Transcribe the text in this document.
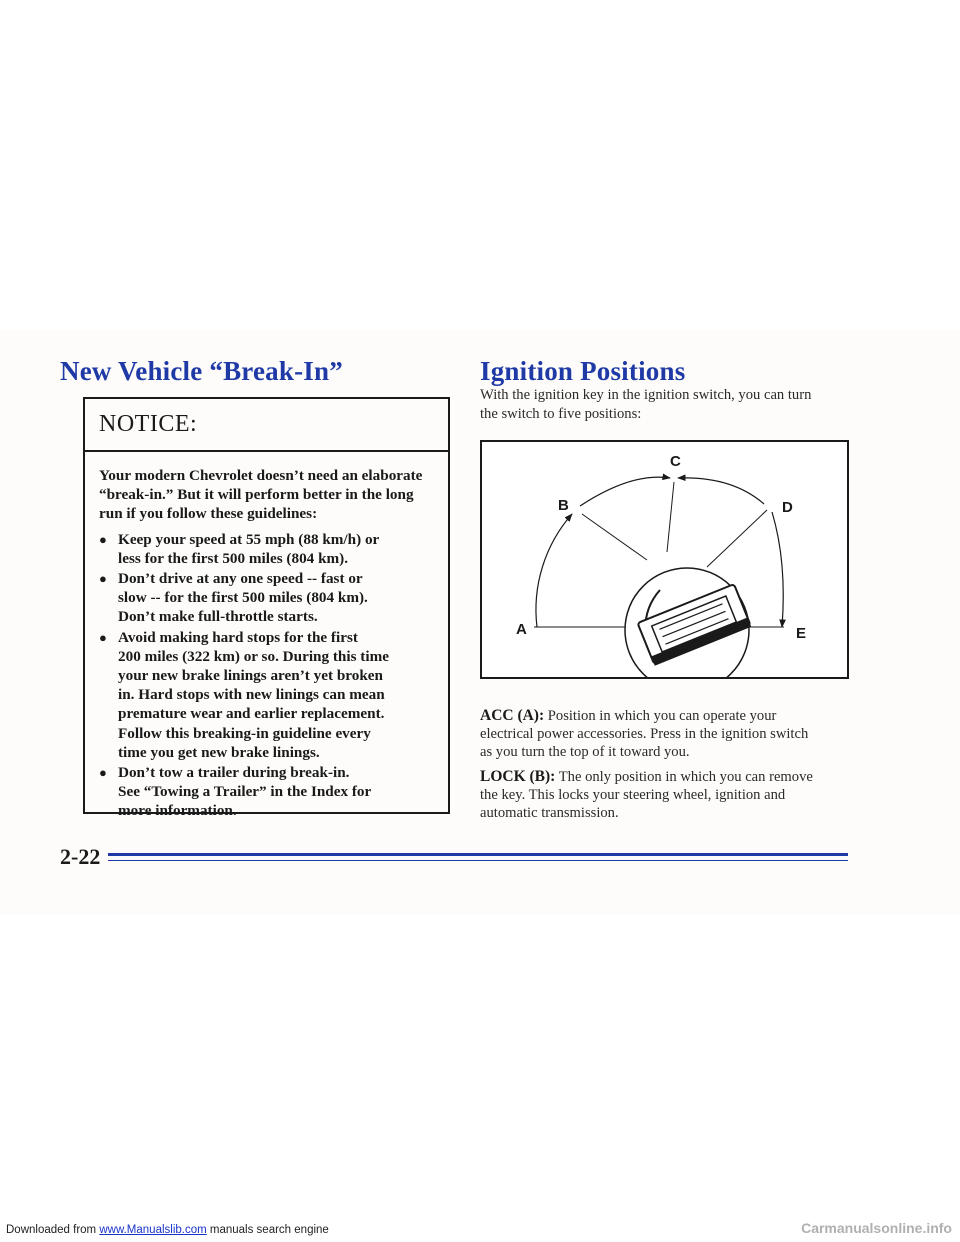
New Vehicle “Break-In”	Ignition Positions
NOTICE:

Your modern Chevrolet doesn’t need an elaborate “break-in.” But it will perform better in the long run if you follow these guidelines:

● Keep your speed at 55 mph (88 km/h) or
less for the first 500 miles (804 km).
● Don’t drive at any one speed -- fast or
slow -- for the first 500 miles (804 km).
Don’t make full-throttle starts.
● Avoid making hard stops for the first
200 miles (322 km) or so. During this time
your new brake linings aren’t yet broken
in. Hard stops with new linings can mean
premature wear and earlier replacement.
Follow this breaking-in guideline every
time you get new brake linings.
● Don’t tow a trailer during break-in.
See “Towing a Trailer” in the Index for
more information.

With the ignition key in the ignition switch, you can turn
the switch to five positions:

C
B	D
A	E

ACC (A): Position in which you can operate your
electrical power accessories. Press in the ignition switch
as you turn the top of it toward you.

LOCK (B): The only position in which you can remove
the key. This locks your steering wheel, ignition and
automatic transmission.

2-22
Downloaded from www.Manualslib.com manuals search engine	Carmanualsonline.info
